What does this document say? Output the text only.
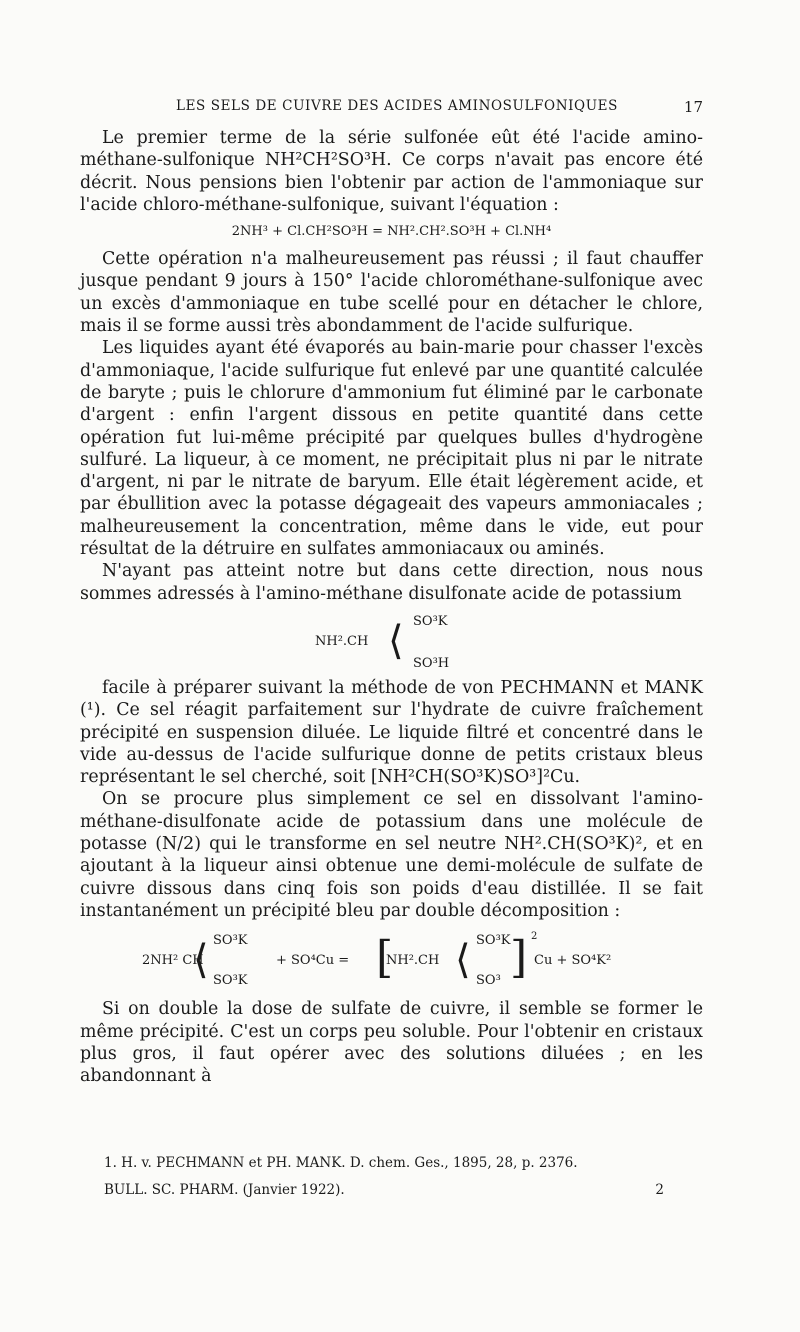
LES SELS DE CUIVRE DES ACIDES AMINOSULFONIQUES	17

Le premier terme de la série sulfonée eût été l'acide amino-méthane-sulfonique NH²CH²SO³H. Ce corps n'avait pas encore été décrit. Nous pensions bien l'obtenir par action de l'ammoniaque sur l'acide chloro-méthane-sulfonique, suivant l'équation :

2NH³ + Cl.CH²SO³H = NH².CH².SO³H + Cl.NH⁴

Cette opération n'a malheureusement pas réussi ; il faut chauffer jusque pendant 9 jours à 150° l'acide chlorométhane-sulfonique avec un excès d'ammoniaque en tube scellé pour en détacher le chlore, mais il se forme aussi très abondamment de l'acide sulfurique.

Les liquides ayant été évaporés au bain-marie pour chasser l'excès d'ammoniaque, l'acide sulfurique fut enlevé par une quantité calculée de baryte ; puis le chlorure d'ammonium fut éliminé par le carbonate d'argent : enfin l'argent dissous en petite quantité dans cette opération fut lui-même précipité par quelques bulles d'hydrogène sulfuré. La liqueur, à ce moment, ne précipitait plus ni par le nitrate d'argent, ni par le nitrate de baryum. Elle était légèrement acide, et par ébullition avec la potasse dégageait des vapeurs ammoniacales ; malheureusement la concentration, même dans le vide, eut pour résultat de la détruire en sulfates ammoniacaux ou aminés.

N'ayant pas atteint notre but dans cette direction, nous nous sommes adressés à l'amino-méthane disulfonate acide de potassium

NH².CH ⟨ SO³K
SO³H

facile à préparer suivant la méthode de von PECHMANN et MANK (¹). Ce sel réagit parfaitement sur l'hydrate de cuivre fraîchement précipité en suspension diluée. Le liquide filtré et concentré dans le vide au-dessus de l'acide sulfurique donne de petits cristaux bleus représentant le sel cherché, soit [NH²CH(SO³K)SO³]²Cu.

On se procure plus simplement ce sel en dissolvant l'amino-méthane-disulfonate acide de potassium dans une molécule de potasse (N/2) qui le transforme en sel neutre NH².CH(SO³K)², et en ajoutant à la liqueur ainsi obtenue une demi-molécule de sulfate de cuivre dissous dans cinq fois son poids d'eau distillée. Il se fait instantanément un précipité bleu par double décomposition :

2NH² CH
⟨ SO³K
SO³K
+ SO⁴Cu = [
NH².CH ⟨ SO³K
SO³ ] 2
Cu + SO⁴K²

Si on double la dose de sulfate de cuivre, il semble se former le même précipité. C'est un corps peu soluble. Pour l'obtenir en cristaux plus gros, il faut opérer avec des solutions diluées ; en les abandonnant à

1. H. v. PECHMANN et PH. MANK. D. chem. Ges., 1895, 28, p. 2376.
BULL. SC. PHARM. (Janvier 1922).	2
